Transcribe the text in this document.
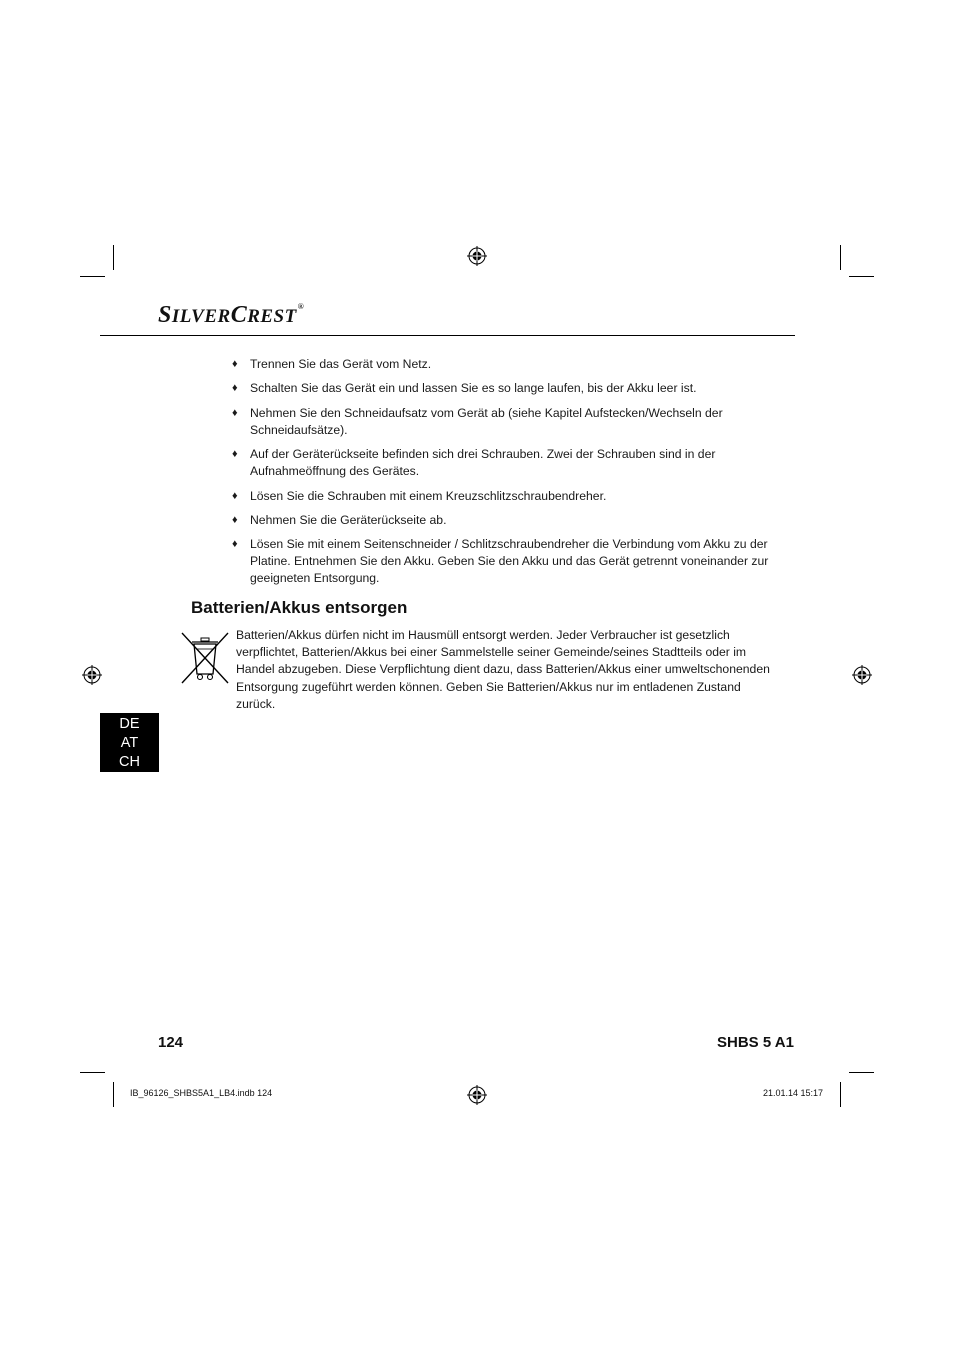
SILVERCREST®
♦ Trennen Sie das Gerät vom Netz.
♦ Schalten Sie das Gerät ein und lassen Sie es so lange laufen, bis der Akku leer ist.
♦ Nehmen Sie den Schneidaufsatz vom Gerät ab (siehe Kapitel Aufstecken/Wechseln der Schneidaufsätze).
♦ Auf der Geräterückseite befinden sich drei Schrauben. Zwei der Schrauben sind in der Aufnahmeöffnung des Gerätes.
♦ Lösen Sie die Schrauben mit einem Kreuzschlitzschraubendreher.
♦ Nehmen Sie die Geräterückseite ab.
♦ Lösen Sie mit einem Seitenschneider / Schlitzschraubendreher die Verbindung vom Akku zu der Platine. Entnehmen Sie den Akku. Geben Sie den Akku und das Gerät getrennt voneinander zur geeigneten Entsorgung.
Batterien/Akkus entsorgen

Batterien/Akkus dürfen nicht im Hausmüll entsorgt werden. Jeder Verbraucher ist gesetzlich verpflichtet, Batterien/Akkus bei einer Sammelstelle seiner Gemeinde/seines Stadtteils oder im Handel abzugeben. Diese Verpflichtung dient dazu, dass Batterien/Akkus einer umweltschonenden Entsorgung zugeführt werden können. Geben Sie Batterien/Akkus nur im entladenen Zustand zurück.

DE
AT
CH
124	SHBS 5 A1
IB_96126_SHBS5A1_LB4.indb 124	21.01.14 15:17
